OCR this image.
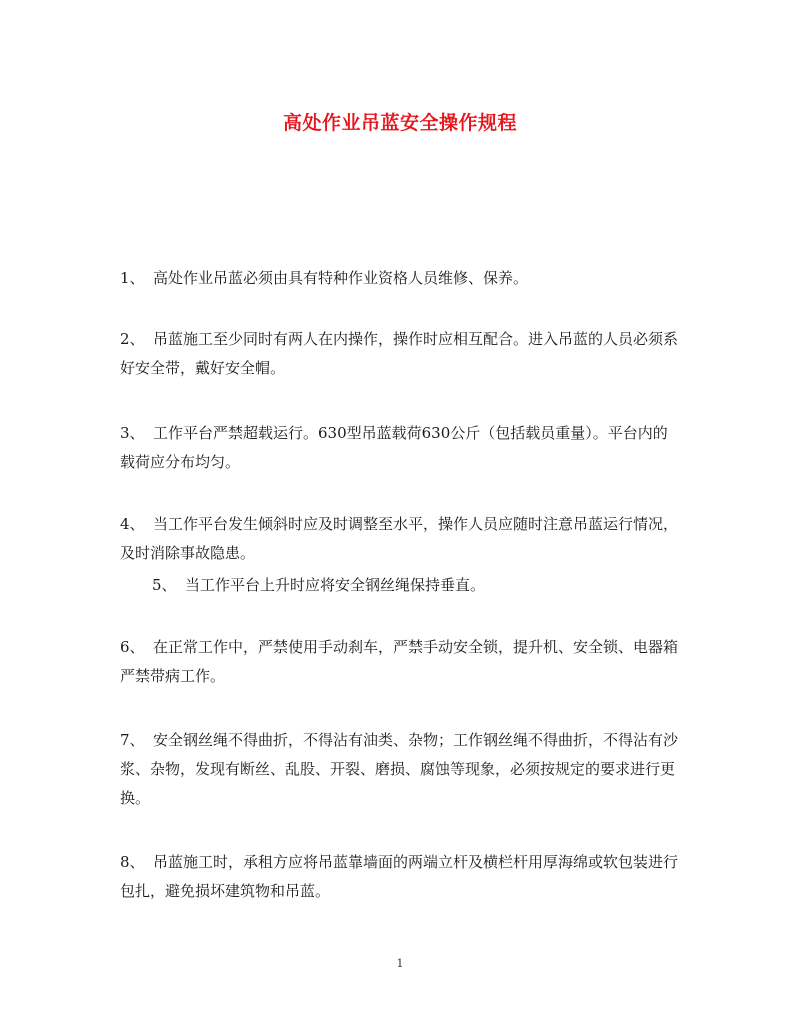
高处作业吊蓝安全操作规程

1、 高处作业吊蓝必须由具有特种作业资格人员维修、保养。

2、 吊蓝施工至少同时有两人在内操作，操作时应相互配合。进入吊蓝的人员必须系好安全带，戴好安全帽。

3、 工作平台严禁超载运行。630型吊蓝载荷630公斤（包括载员重量）。平台内的载荷应分布均匀。

4、 当工作平台发生倾斜时应及时调整至水平，操作人员应随时注意吊蓝运行情况，及时消除事故隐患。

5、 当工作平台上升时应将安全钢丝绳保持垂直。

6、 在正常工作中，严禁使用手动刹车，严禁手动安全锁，提升机、安全锁、电器箱严禁带病工作。

7、 安全钢丝绳不得曲折，不得沾有油类、杂物；工作钢丝绳不得曲折，不得沾有沙浆、杂物，发现有断丝、乱股、开裂、磨损、腐蚀等现象，必须按规定的要求进行更换。

8、 吊蓝施工时，承租方应将吊蓝靠墙面的两端立杆及横栏杆用厚海绵或软包装进行包扎，避免损坏建筑物和吊蓝。

1
